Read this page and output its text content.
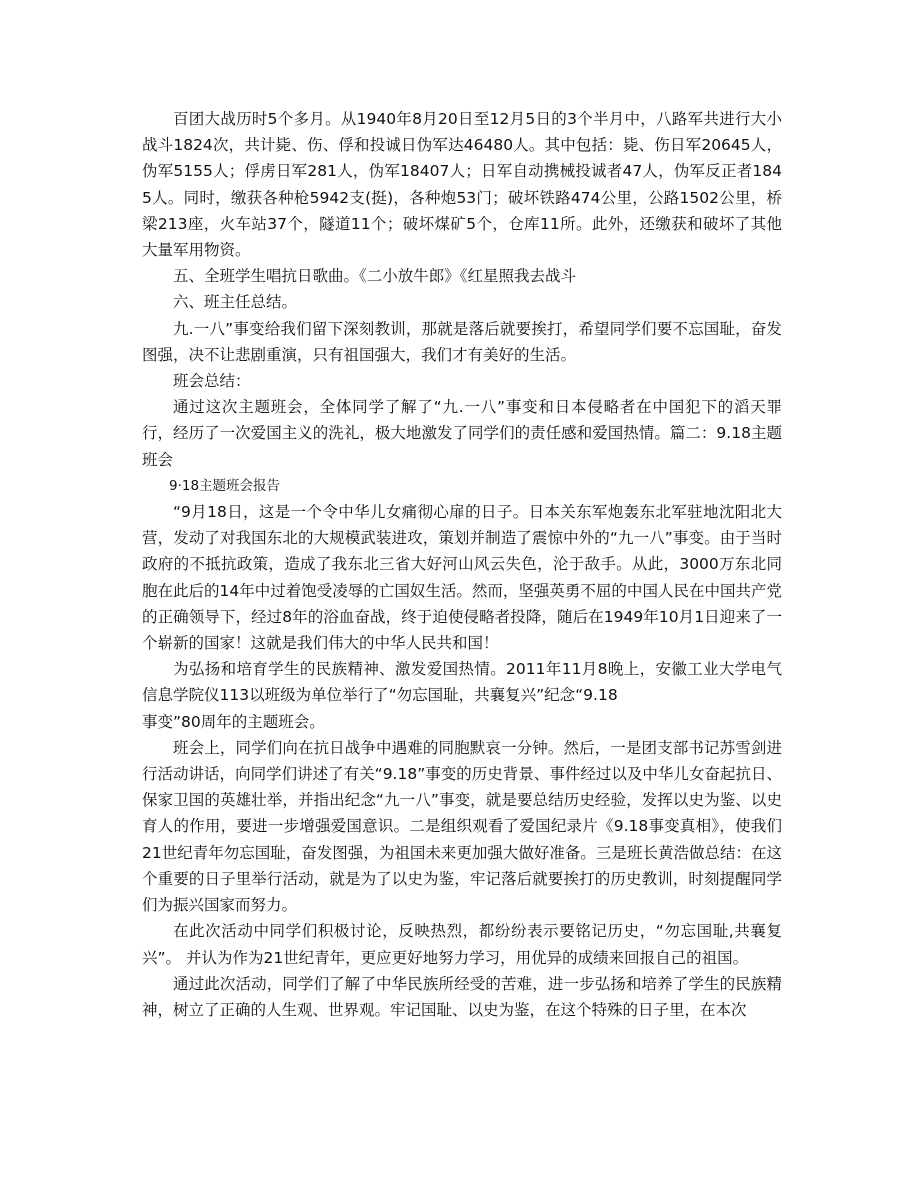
百团大战历时5个多月。从1940年8月20日至12月5日的3个半月中，八路军共进行大小战斗1824次，共计毙、伤、俘和投诚日伪军达46480人。其中包括：毙、伤日军20645人，伪军5155人；俘虏日军281人，伪军18407人；日军自动携械投诚者47人，伪军反正者1845人。同时，缴获各种枪5942支(挺)，各种炮53门；破坏铁路474公里，公路1502公里，桥梁213座，火车站37个，隧道11个；破坏煤矿5个，仓库11所。此外，还缴获和破坏了其他大量军用物资。

五、全班学生唱抗日歌曲。《二小放牛郎》《红星照我去战斗

六、班主任总结。

九.一八”事变给我们留下深刻教训，那就是落后就要挨打，希望同学们要不忘国耻，奋发图强，决不让悲剧重演，只有祖国强大，我们才有美好的生活。

班会总结：

通过这次主题班会，全体同学了解了“九.一八”事变和日本侵略者在中国犯下的滔天罪行，经历了一次爱国主义的洗礼，极大地激发了同学们的责任感和爱国热情。篇二：9.18主题班会

9·18主题班会报告

“9月18日，这是一个令中华儿女痛彻心扉的日子。日本关东军炮轰东北军驻地沈阳北大营，发动了对我国东北的大规模武装进攻，策划并制造了震惊中外的“九一八”事变。由于当时政府的不抵抗政策，造成了我东北三省大好河山风云失色，沦于敌手。从此，3000万东北同胞在此后的14年中过着饱受凌辱的亡国奴生活。然而，坚强英勇不屈的中国人民在中国共产党的正确领导下，经过8年的浴血奋战，终于迫使侵略者投降，随后在1949年10月1日迎来了一个崭新的国家！这就是我们伟大的中华人民共和国！

为弘扬和培育学生的民族精神、激发爱国热情。2011年11月8晚上，安徽工业大学电气信息学院仪113以班级为单位举行了“勿忘国耻，共襄复兴”纪念“9.18

事变”80周年的主题班会。

班会上，同学们向在抗日战争中遇难的同胞默哀一分钟。然后，一是团支部书记苏雪剑进行活动讲话，向同学们讲述了有关“9.18”事变的历史背景、事件经过以及中华儿女奋起抗日、保家卫国的英雄壮举，并指出纪念“九一八”事变，就是要总结历史经验，发挥以史为鉴、以史育人的作用，要进一步增强爱国意识。二是组织观看了爱国纪录片《9.18事变真相》，使我们21世纪青年勿忘国耻，奋发图强，为祖国未来更加强大做好准备。三是班长黄浩做总结：在这个重要的日子里举行活动，就是为了以史为鉴，牢记落后就要挨打的历史教训，时刻提醒同学们为振兴国家而努力。

在此次活动中同学们积极讨论，反映热烈，都纷纷表示要铭记历史，“勿忘国耻,共襄复兴”。 并认为作为21世纪青年，更应更好地努力学习，用优异的成绩来回报自己的祖国。

通过此次活动，同学们了解了中华民族所经受的苦难，进一步弘扬和培养了学生的民族精神，树立了正确的人生观、世界观。牢记国耻、以史为鉴，在这个特殊的日子里，在本次
